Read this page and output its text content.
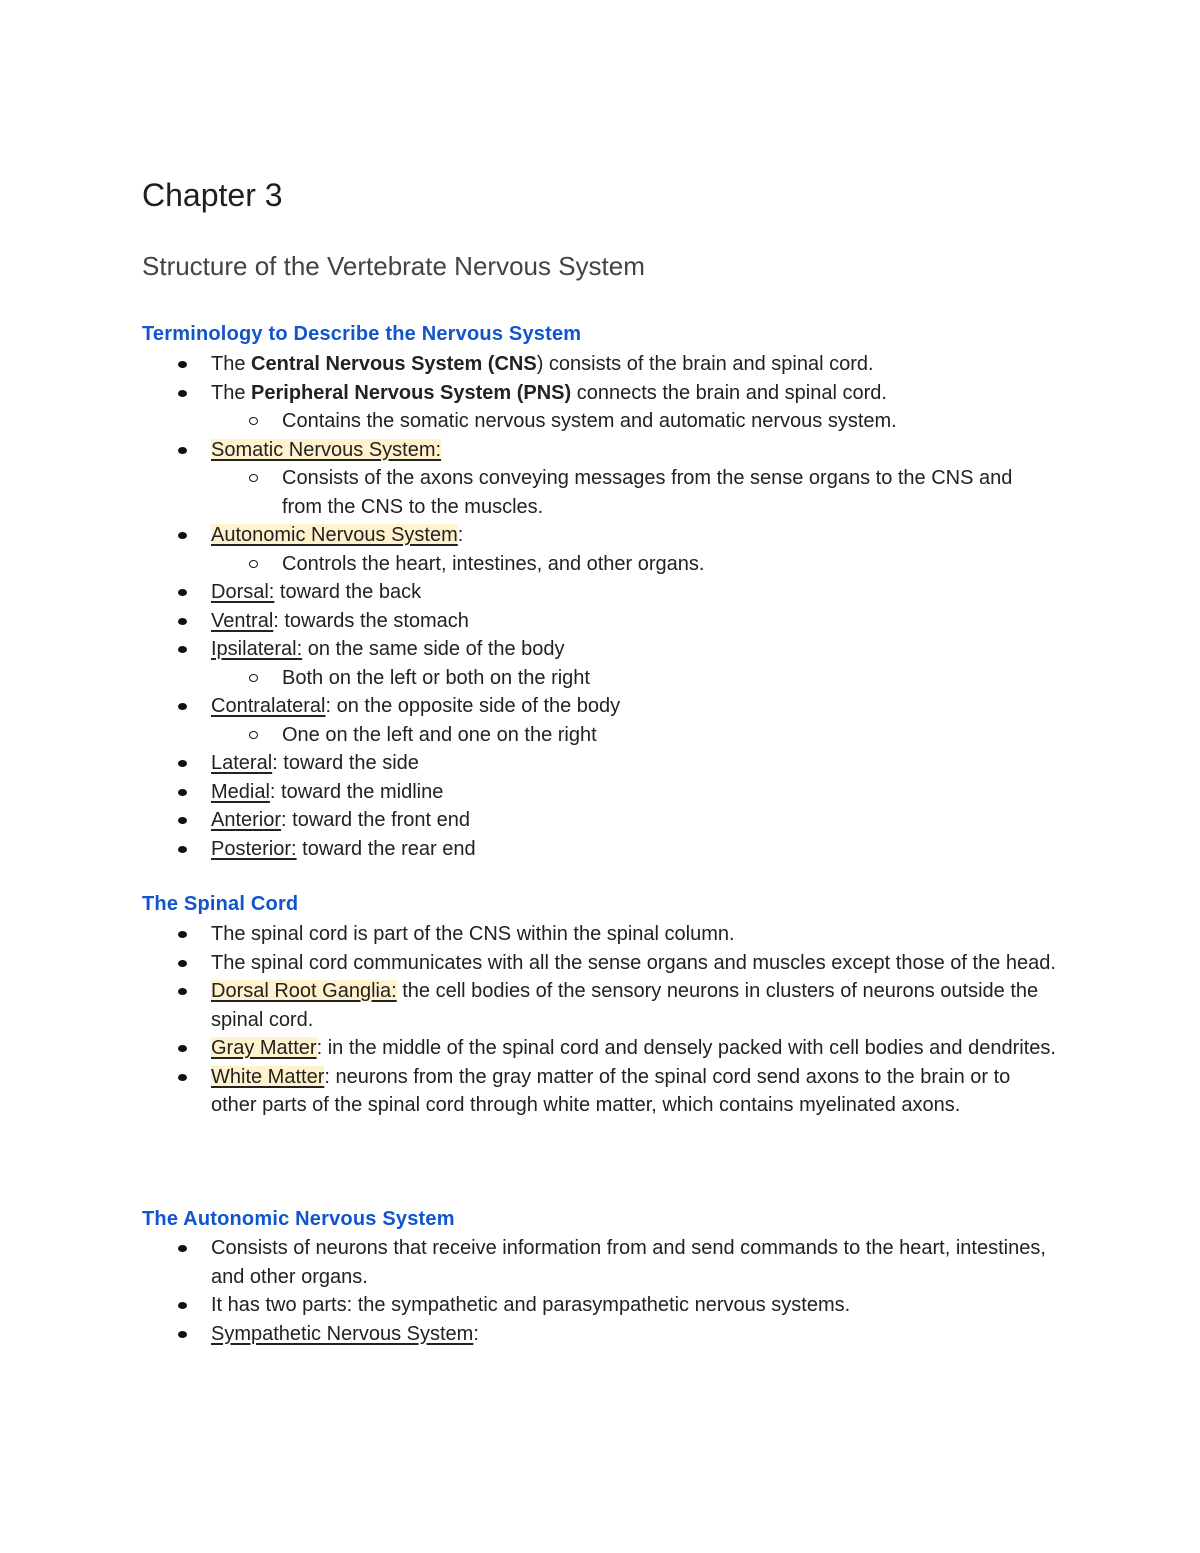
Chapter 3
Structure of the Vertebrate Nervous System
Terminology to Describe the Nervous System
The Central Nervous System (CNS) consists of the brain and spinal cord.
The Peripheral Nervous System (PNS) connects the brain and spinal cord.
Contains the somatic nervous system and automatic nervous system.
Somatic Nervous System:
Consists of the axons conveying messages from the sense organs to the CNS and from the CNS to the muscles.
Autonomic Nervous System:
Controls the heart, intestines, and other organs.
Dorsal: toward the back
Ventral: towards the stomach
Ipsilateral: on the same side of the body
Both on the left or both on the right
Contralateral: on the opposite side of the body
One on the left and one on the right
Lateral: toward the side
Medial: toward the midline
Anterior: toward the front end
Posterior: toward the rear end
The Spinal Cord
The spinal cord is part of the CNS within the spinal column.
The spinal cord communicates with all the sense organs and muscles except those of the head.
Dorsal Root Ganglia: the cell bodies of the sensory neurons in clusters of neurons outside the spinal cord.
Gray Matter: in the middle of the spinal cord and densely packed with cell bodies and dendrites.
White Matter: neurons from the gray matter of the spinal cord send axons to the brain or to other parts of the spinal cord through white matter, which contains myelinated axons.
The Autonomic Nervous System
Consists of neurons that receive information from and send commands to the heart, intestines, and other organs.
It has two parts: the sympathetic and parasympathetic nervous systems.
Sympathetic Nervous System:
